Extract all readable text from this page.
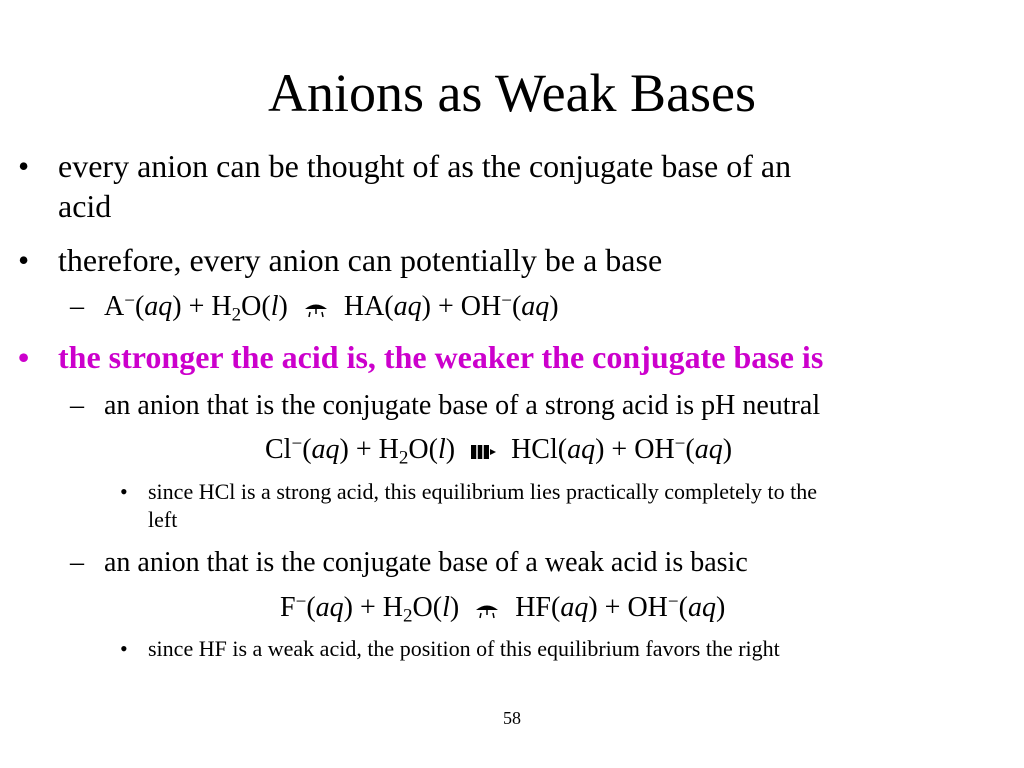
Anions as Weak Bases
• every anion can be thought of as the conjugate base of an
acid
• therefore, every anion can potentially be a base
– $A^-(aq) + H_2O(l) HA(aq) + OH^-(aq)$
• the stronger the acid is, the weaker the conjugate base is
– an anion that is the conjugate base of a strong acid is pH neutral
$Cl^-(aq) + H_2O(l) HCl(aq) + OH^-(aq)$
• since HCl is a strong acid, this equilibrium lies practically completely to the
left
– an anion that is the conjugate base of a weak acid is basic
$F^-(aq) + H_2O(l) HF(aq) + OH^-(aq)$
• since HF is a weak acid, the position of this equilibrium favors the right
58
